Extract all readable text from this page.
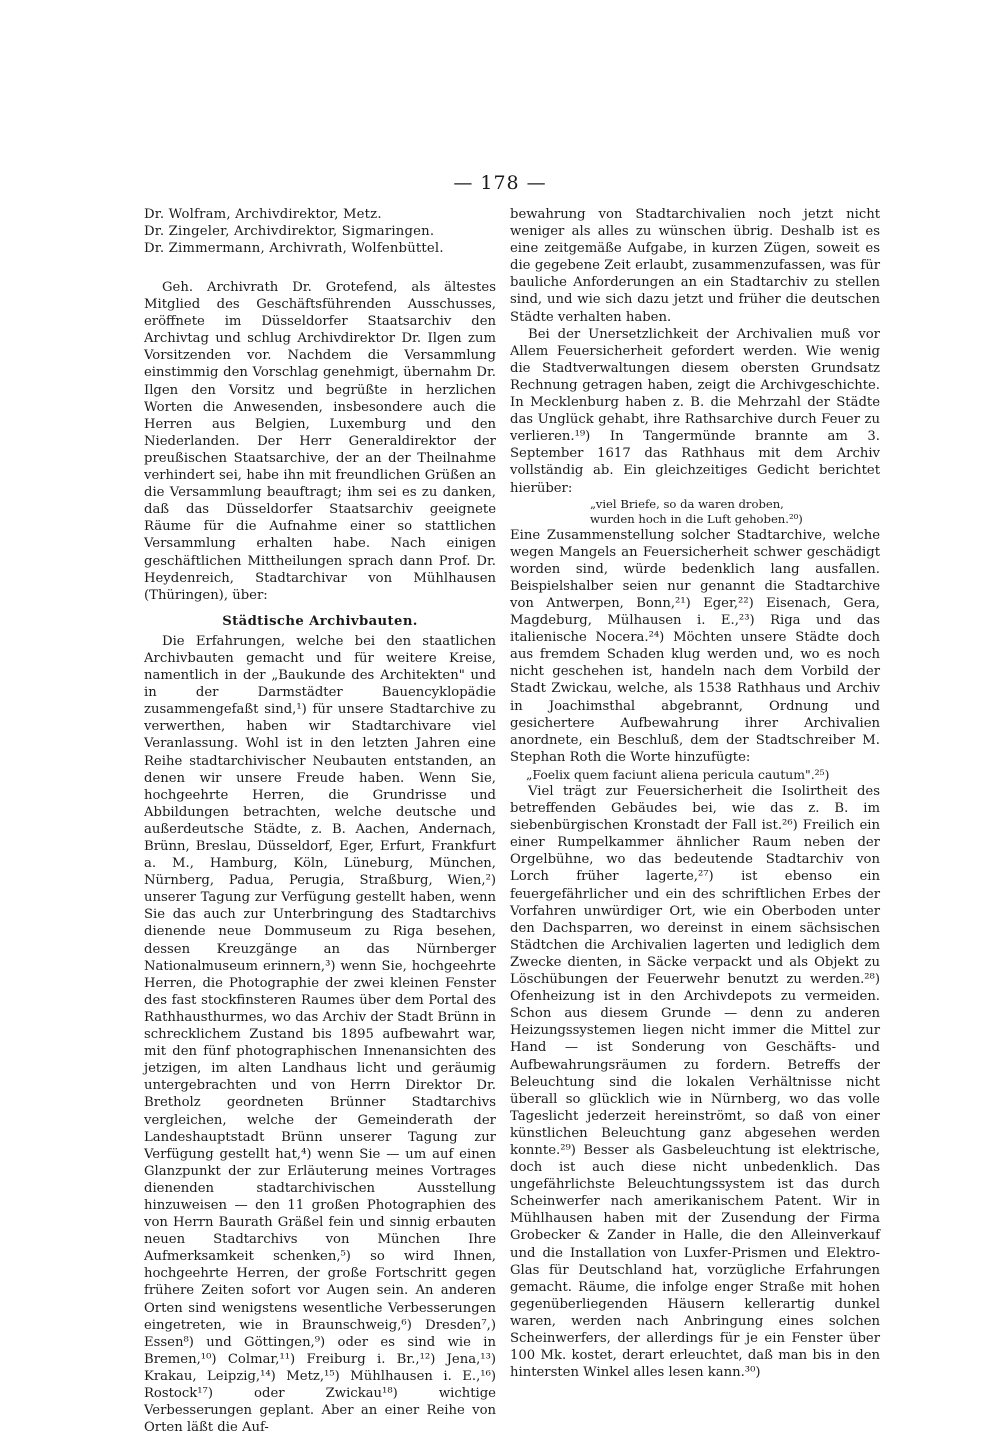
— 178 —
Dr. Wolfram, Archivdirektor, Metz.
Dr. Zingeler, Archivdirektor, Sigmaringen.
Dr. Zimmermann, Archivrath, Wolfenbüttel.

Geh. Archivrath Dr. Grotefend, als ältestes Mitglied des Geschäftsführenden Ausschusses, eröffnete im Düsseldorfer Staatsarchiv den Archivtag und schlug Archivdirektor Dr. Ilgen zum Vorsitzenden vor. Nachdem die Versammlung einstimmig den Vorschlag genehmigt, übernahm Dr. Ilgen den Vorsitz und begrüßte in herzlichen Worten die Anwesenden, insbesondere auch die Herren aus Belgien, Luxemburg und den Niederlanden. Der Herr Generaldirektor der preußischen Staatsarchive, der an der Theilnahme verhindert sei, habe ihn mit freundlichen Grüßen an die Versammlung beauftragt; ihm sei es zu danken, daß das Düsseldorfer Staatsarchiv geeignete Räume für die Aufnahme einer so stattlichen Versammlung erhalten habe. Nach einigen geschäftlichen Mittheilungen sprach dann Prof. Dr. Heydenreich, Stadtarchivar von Mühlhausen (Thüringen), über:

Städtische Archivbauten.

Die Erfahrungen, welche bei den staatlichen Archivbauten gemacht und für weitere Kreise, namentlich in der „Baukunde des Architekten" und in der Darmstädter Bauencyklopädie zusammengefaßt sind,¹) für unsere Stadtarchive zu verwerthen, haben wir Stadtarchivare viel Veranlassung. Wohl ist in den letzten Jahren eine Reihe stadtarchivischer Neubauten entstanden, an denen wir unsere Freude haben. Wenn Sie, hochgeehrte Herren, die Grundrisse und Abbildungen betrachten, welche deutsche und außerdeutsche Städte, z. B. Aachen, Andernach, Brünn, Breslau, Düsseldorf, Eger, Erfurt, Frankfurt a. M., Hamburg, Köln, Lüneburg, München, Nürnberg, Padua, Perugia, Straßburg, Wien,²) unserer Tagung zur Verfügung gestellt haben, wenn Sie das auch zur Unterbringung des Stadtarchivs dienende neue Dommuseum zu Riga besehen, dessen Kreuzgänge an das Nürnberger Nationalmuseum erinnern,³) wenn Sie, hochgeehrte Herren, die Photographie der zwei kleinen Fenster des fast stockfinsteren Raumes über dem Portal des Rathhausthurmes, wo das Archiv der Stadt Brünn in schrecklichem Zustand bis 1895 aufbewahrt war, mit den fünf photographischen Innenansichten des jetzigen, im alten Landhaus licht und geräumig untergebrachten und von Herrn Direktor Dr. Bretholz geordneten Brünner Stadtarchivs vergleichen, welche der Gemeinderath der Landeshauptstadt Brünn unserer Tagung zur Verfügung gestellt hat,⁴) wenn Sie — um auf einen Glanzpunkt der zur Erläuterung meines Vortrages dienenden stadtarchivischen Ausstellung hinzuweisen — den 11 großen Photographien des von Herrn Baurath Gräßel fein und sinnig erbauten neuen Stadtarchivs von München Ihre Aufmerksamkeit schenken,⁵) so wird Ihnen, hochgeehrte Herren, der große Fortschritt gegen frühere Zeiten sofort vor Augen sein. An anderen Orten sind wenigstens wesentliche Verbesserungen eingetreten, wie in Braunschweig,⁶) Dresden⁷,) Essen⁸) und Göttingen,⁹) oder es sind wie in Bremen,¹⁰) Colmar,¹¹) Freiburg i. Br.,¹²) Jena,¹³) Krakau, Leipzig,¹⁴) Metz,¹⁵) Mühlhausen i. E.,¹⁶) Rostock¹⁷) oder Zwickau¹⁸) wichtige Verbesserungen geplant. Aber an einer Reihe von Orten läßt die Auf-

bewahrung von Stadtarchivalien noch jetzt nicht weniger als alles zu wünschen übrig. Deshalb ist es eine zeitgemäße Aufgabe, in kurzen Zügen, soweit es die gegebene Zeit erlaubt, zusammenzufassen, was für bauliche Anforderungen an ein Stadtarchiv zu stellen sind, und wie sich dazu jetzt und früher die deutschen Städte verhalten haben.

Bei der Unersetzlichkeit der Archivalien muß vor Allem Feuersicherheit gefordert werden. Wie wenig die Stadtverwaltungen diesem obersten Grundsatz Rechnung getragen haben, zeigt die Archivgeschichte. In Mecklenburg haben z. B. die Mehrzahl der Städte das Unglück gehabt, ihre Rathsarchive durch Feuer zu verlieren.¹⁹) In Tangermünde brannte am 3. September 1617 das Rathhaus mit dem Archiv vollständig ab. Ein gleichzeitiges Gedicht berichtet hierüber:

„viel Briefe, so da waren droben,

wurden hoch in die Luft gehoben.²⁰)

Eine Zusammenstellung solcher Stadtarchive, welche wegen Mangels an Feuersicherheit schwer geschädigt worden sind, würde bedenklich lang ausfallen. Beispielshalber seien nur genannt die Stadtarchive von Antwerpen, Bonn,²¹) Eger,²²) Eisenach, Gera, Magdeburg, Mülhausen i. E.,²³) Riga und das italienische Nocera.²⁴) Möchten unsere Städte doch aus fremdem Schaden klug werden und, wo es noch nicht geschehen ist, handeln nach dem Vorbild der Stadt Zwickau, welche, als 1538 Rathhaus und Archiv in Joachimsthal abgebrannt, Ordnung und gesichertere Aufbewahrung ihrer Archivalien anordnete, ein Beschluß, dem der Stadtschreiber M. Stephan Roth die Worte hinzufügte:

„Foelix quem faciunt aliena pericula cautum".²⁵)

Viel trägt zur Feuersicherheit die Isolirtheit des betreffenden Gebäudes bei, wie das z. B. im siebenbürgischen Kronstadt der Fall ist.²⁶) Freilich ein einer Rumpelkammer ähnlicher Raum neben der Orgelbühne, wo das bedeutende Stadtarchiv von Lorch früher lagerte,²⁷) ist ebenso ein feuergefährlicher und ein des schriftlichen Erbes der Vorfahren unwürdiger Ort, wie ein Oberboden unter den Dachsparren, wo dereinst in einem sächsischen Städtchen die Archivalien lagerten und lediglich dem Zwecke dienten, in Säcke verpackt und als Objekt zu Löschübungen der Feuerwehr benutzt zu werden.²⁸) Ofenheizung ist in den Archivdepots zu vermeiden. Schon aus diesem Grunde — denn zu anderen Heizungssystemen liegen nicht immer die Mittel zur Hand — ist Sonderung von Geschäfts- und Aufbewahrungsräumen zu fordern. Betreffs der Beleuchtung sind die lokalen Verhältnisse nicht überall so glücklich wie in Nürnberg, wo das volle Tageslicht jederzeit hereinströmt, so daß von einer künstlichen Beleuchtung ganz abgesehen werden konnte.²⁹) Besser als Gasbeleuchtung ist elektrische, doch ist auch diese nicht unbedenklich. Das ungefährlichste Beleuchtungssystem ist das durch Scheinwerfer nach amerikanischem Patent. Wir in Mühlhausen haben mit der Zusendung der Firma Grobecker & Zander in Halle, die den Alleinverkauf und die Installation von Luxfer-Prismen und Elektro-Glas für Deutschland hat, vorzügliche Erfahrungen gemacht. Räume, die infolge enger Straße mit hohen gegenüberliegenden Häusern kellerartig dunkel waren, werden nach Anbringung eines solchen Scheinwerfers, der allerdings für je ein Fenster über 100 Mk. kostet, derart erleuchtet, daß man bis in den hintersten Winkel alles lesen kann.³⁰)
